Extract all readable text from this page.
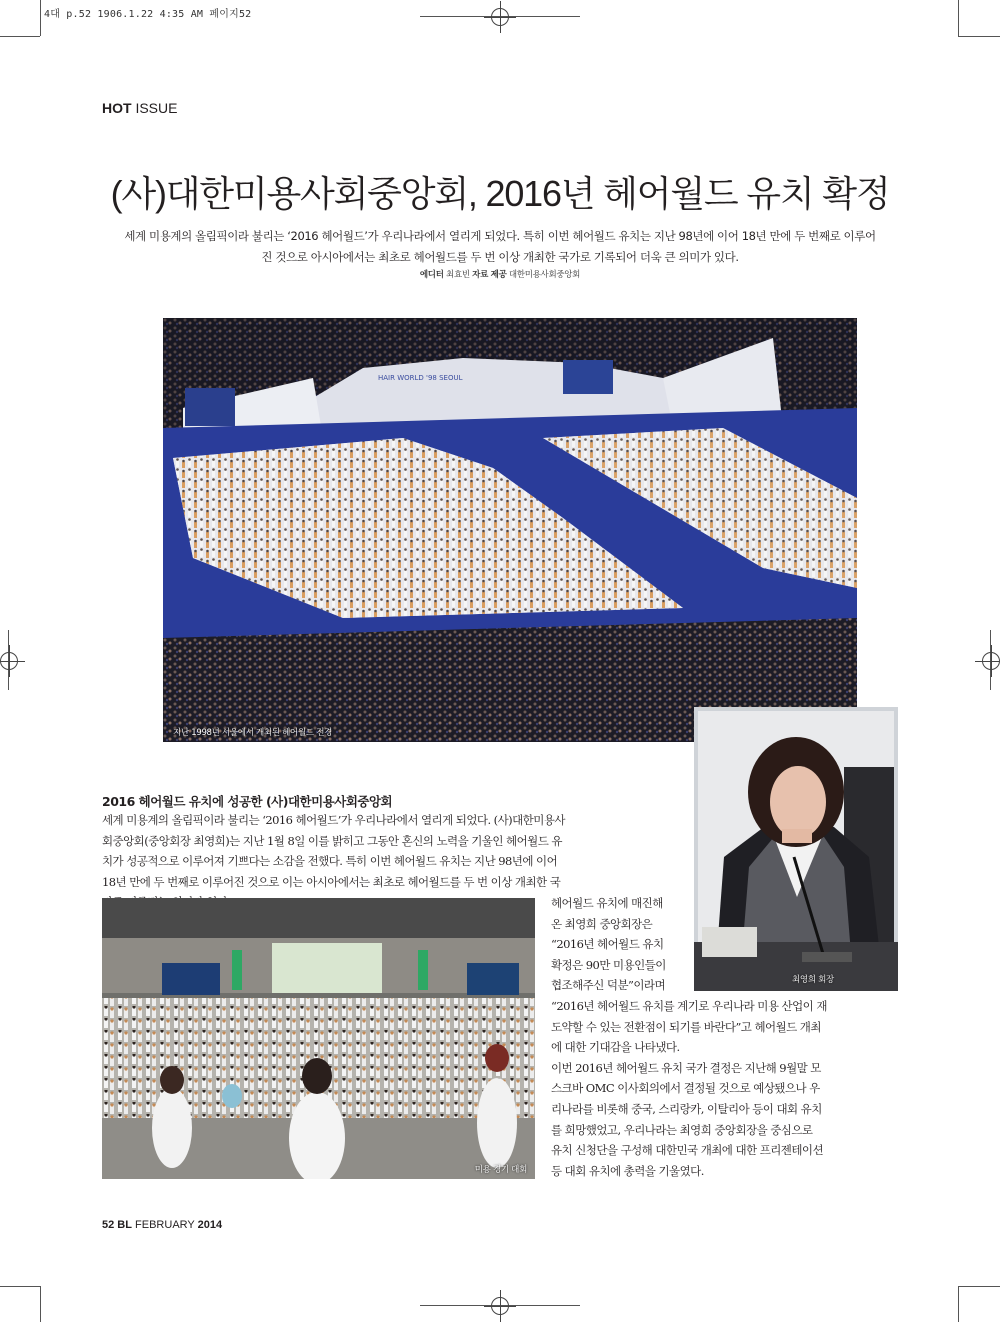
4대 p.52 1906.1.22 4:35 AM 페이지52
HOT ISSUE
(사)대한미용사회중앙회, 2016년 헤어월드 유치 확정
세계 미용계의 올림픽이라 불리는 ‘2016 헤어월드’가 우리나라에서 열리게 되었다. 특히 이번 헤어월드 유치는 지난 98년에 이어 18년 만에 두 번째로 이루어진 것으로 아시아에서는 최초로 헤어월드를 두 번 이상 개최한 국가로 기록되어 더욱 큰 의미가 있다.
에디터 최효빈 자료 제공 대한미용사회중앙회
HAIR WORLD '98 SEOUL
지난 1998년 서울에서 개최된 헤어월드 전경
최영희 회장
2016 헤어월드 유치에 성공한 (사)대한미용사회중앙회

세계 미용계의 올림픽이라 불리는 ‘2016 헤어월드’가 우리나라에서 열리게 되었다. (사)대한미용사회중앙회(중앙회장 최영희)는 지난 1월 8일 이를 밝히고 그동안 혼신의 노력을 기울인 헤어월드 유치가 성공적으로 이루어져 기쁘다는 소감을 전했다. 특히 이번 헤어월드 유치는 지난 98년에 이어 18년 만에 두 번째로 이루어진 것으로 이는 아시아에서는 최초로 헤어월드를 두 번 이상 개최한 국

미용 경기 대회
헤어월드 유치에 매진해
온 최영희 중앙회장은
“2016년 헤어월드 유치
확정은 90만 미용인들이
협조해주신 덕분”이라며
“2016년 헤어월드 유치를 계기로 우리나라 미용 산업이 재
도약할 수 있는 전환점이 되기를 바란다”고 헤어월드 개최
에 대한 기대감을 나타냈다.
이번 2016년 헤어월드 유치 국가 결정은 지난해 9월말 모
스크바 OMC 이사회의에서 결정될 것으로 예상됐으나 우
리나라를 비롯해 중국, 스리랑카, 이탈리아 등이 대회 유치
를 희망했었고, 우리나라는 최영희 중앙회장을 중심으로
유치 신청단을 구성해 대한민국 개최에 대한 프리젠테이션
등 대회 유치에 총력을 기울였다.
52 BL FEBRUARY 2014
